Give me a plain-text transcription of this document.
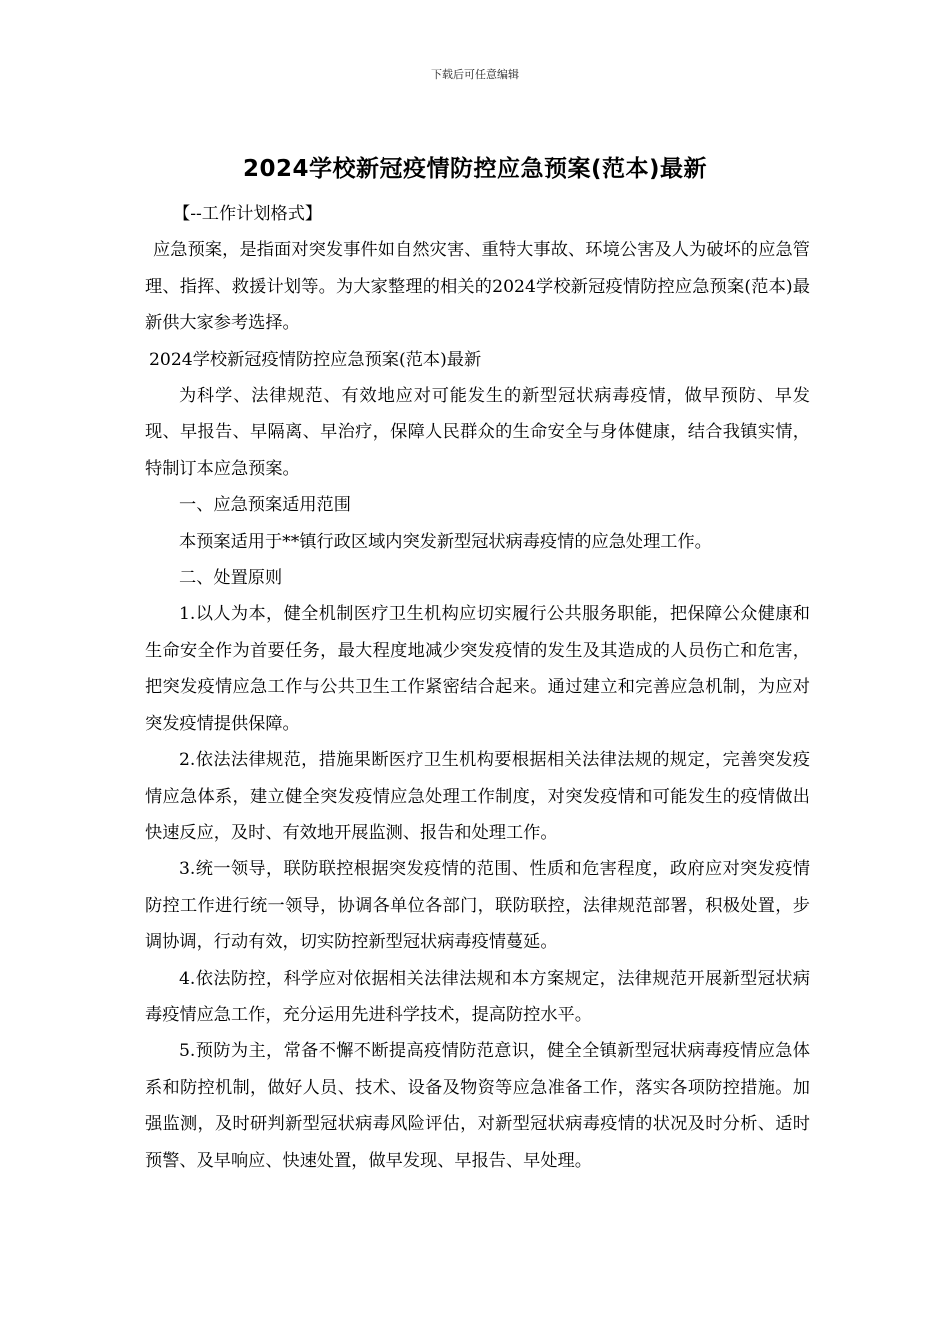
下载后可任意编辑
2024学校新冠疫情防控应急预案(范本)最新

【--工作计划格式】

应急预案，是指面对突发事件如自然灾害、重特大事故、环境公害及人为破坏的应急管理、指挥、救援计划等。为大家整理的相关的2024学校新冠疫情防控应急预案(范本)最新供大家参考选择。

2024学校新冠疫情防控应急预案(范本)最新

为科学、法律规范、有效地应对可能发生的新型冠状病毒疫情，做早预防、早发现、早报告、早隔离、早治疗，保障人民群众的生命安全与身体健康，结合我镇实情，特制订本应急预案。

一、应急预案适用范围

本预案适用于**镇行政区域内突发新型冠状病毒疫情的应急处理工作。

二、处置原则

1.以人为本，健全机制医疗卫生机构应切实履行公共服务职能，把保障公众健康和生命安全作为首要任务，最大程度地减少突发疫情的发生及其造成的人员伤亡和危害，把突发疫情应急工作与公共卫生工作紧密结合起来。通过建立和完善应急机制，为应对突发疫情提供保障。

2.依法法律规范，措施果断医疗卫生机构要根据相关法律法规的规定，完善突发疫情应急体系，建立健全突发疫情应急处理工作制度，对突发疫情和可能发生的疫情做出快速反应，及时、有效地开展监测、报告和处理工作。

3.统一领导，联防联控根据突发疫情的范围、性质和危害程度，政府应对突发疫情防控工作进行统一领导，协调各单位各部门，联防联控，法律规范部署，积极处置，步调协调，行动有效，切实防控新型冠状病毒疫情蔓延。

4.依法防控，科学应对依据相关法律法规和本方案规定，法律规范开展新型冠状病毒疫情应急工作，充分运用先进科学技术，提高防控水平。

5.预防为主，常备不懈不断提高疫情防范意识，健全全镇新型冠状病毒疫情应急体系和防控机制，做好人员、技术、设备及物资等应急准备工作，落实各项防控措施。加强监测，及时研判新型冠状病毒风险评估，对新型冠状病毒疫情的状况及时分析、适时预警、及早响应、快速处置，做早发现、早报告、早处理。
